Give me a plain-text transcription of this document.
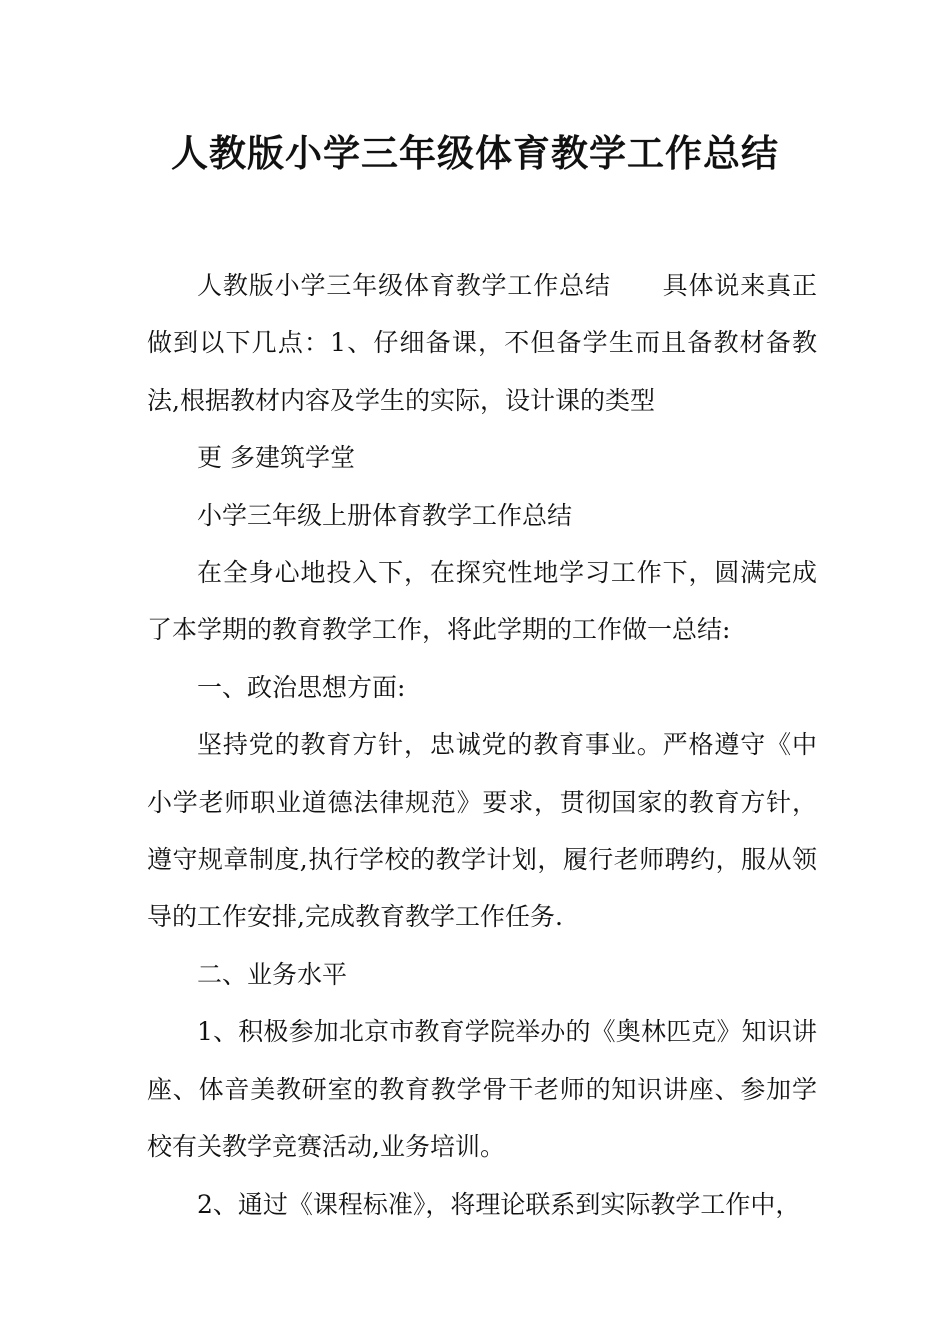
人教版小学三年级体育教学工作总结

人教版小学三年级体育教学工作总结　　具体说来真正做到以下几点：1、仔细备课，不但备学生而且备教材备教法,根据教材内容及学生的实际，设计课的类型

更 多建筑学堂

小学三年级上册体育教学工作总结

在全身心地投入下，在探究性地学习工作下，圆满完成了本学期的教育教学工作，将此学期的工作做一总结:

一、政治思想方面:

坚持党的教育方针，忠诚党的教育事业。严格遵守《中小学老师职业道德法律规范》要求，贯彻国家的教育方针，遵守规章制度,执行学校的教学计划，履行老师聘约，服从领导的工作安排,完成教育教学工作任务.

二、业务水平

1、积极参加北京市教育学院举办的《奥林匹克》知识讲座、体音美教研室的教育教学骨干老师的知识讲座、参加学校有关教学竞赛活动,业务培训。

2、通过《课程标准》，将理论联系到实际教学工作中，
